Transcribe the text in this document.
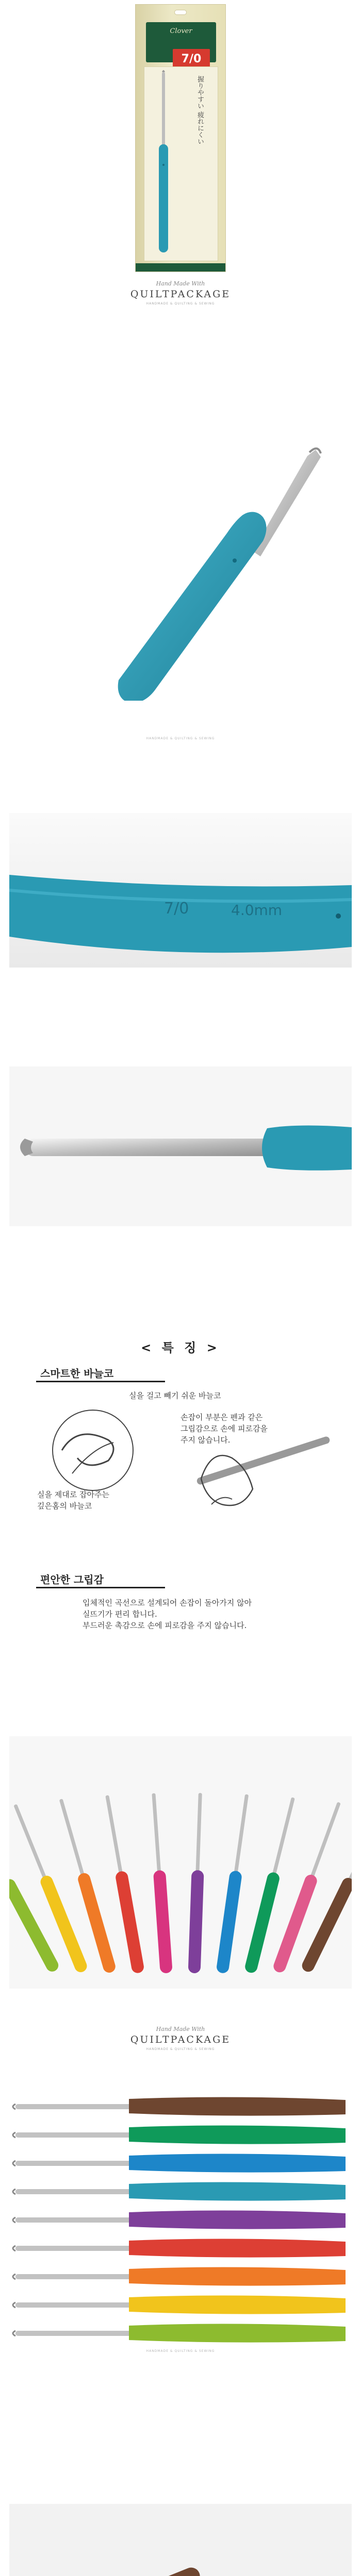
Clover
7/0
握りやすい 疲れにくい
Hand Made With
QUILTPACKAGE
HANDMADE & QUILTING & SEWING
HANDMADE & QUILTING & SEWING
7/0	4.0mm
< 특 징 >
스마트한 바늘코
실을 걸고 빼기 쉬운 바늘코
실을 제대로 잡아주는
깊은홈의 바늘코
손잡이 부분은 펜과 같은
그립감으로 손에 피로감을
주지 않습니다.
편안한 그립감
입체적인 곡선으로 설계되어 손잡이 돌아가지 않아
실뜨기가 편리 합니다.
부드러운 촉감으로 손에 피로감을 주지 않습니다.
Hand Made With
QUILTPACKAGE
HANDMADE & QUILTING & SEWING
HANDMADE & QUILTING & SEWING
